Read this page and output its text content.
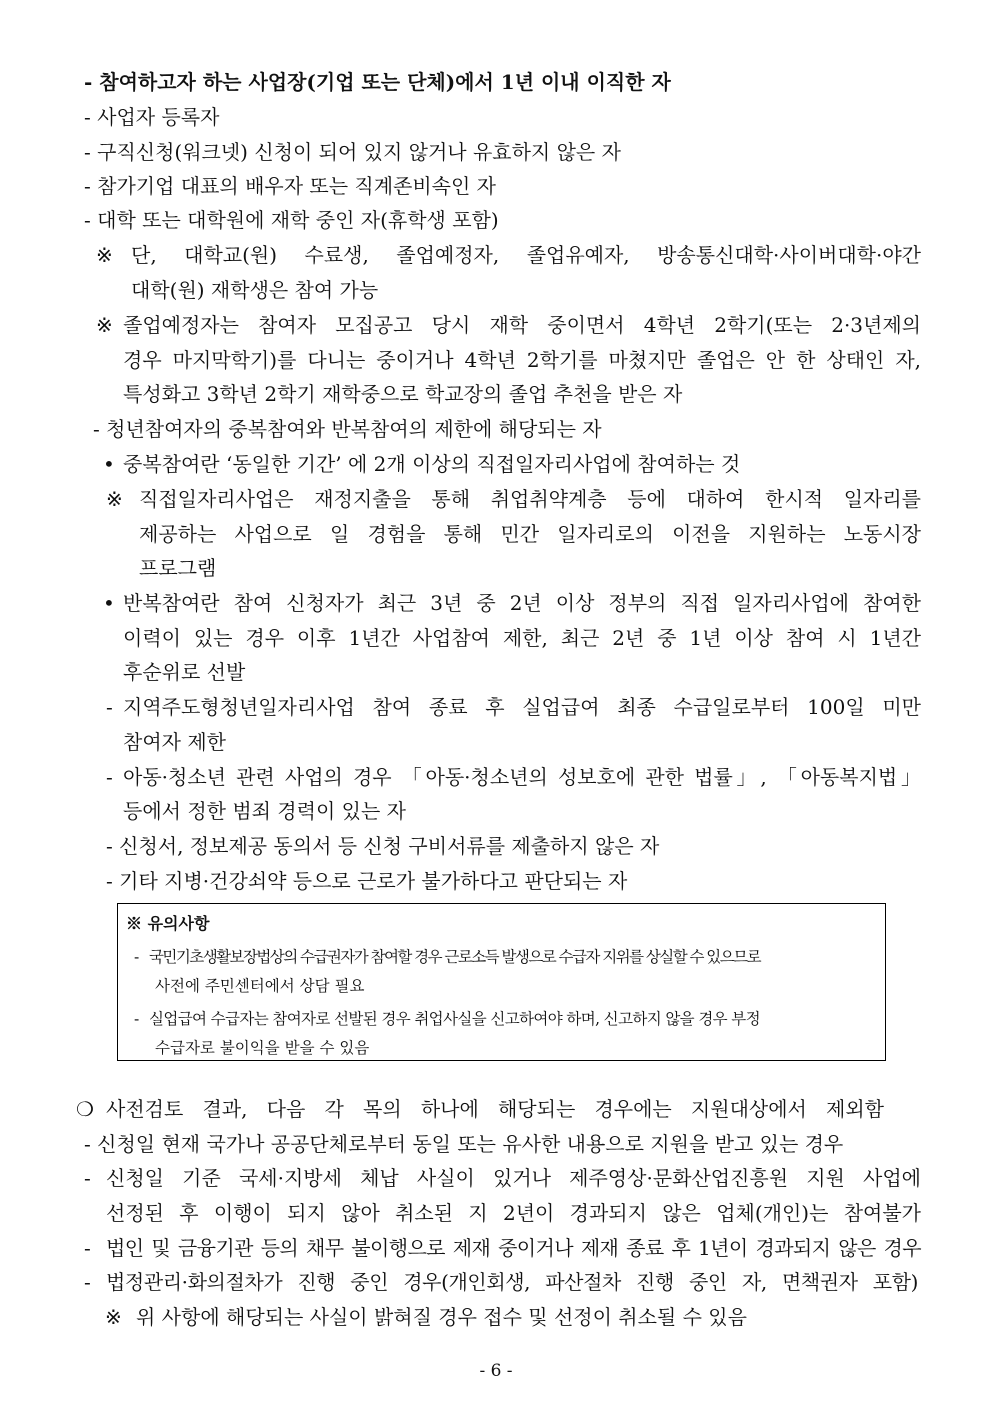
- 참여하고자 하는 사업장(기업 또는 단체)에서 1년 이내 이직한 자
- 사업자 등록자
- 구직신청(워크넷) 신청이 되어 있지 않거나 유효하지 않은 자
- 참가기업 대표의 배우자 또는 직계존비속인 자
- 대학 또는 대학원에 재학 중인 자(휴학생 포함)
※ 단, 대학교(원) 수료생, 졸업예정자, 졸업유예자, 방송통신대학·사이버대학·야간
대학(원) 재학생은 참여 가능
※ 졸업예정자는 참여자 모집공고 당시 재학 중이면서 4학년 2학기(또는 2·3년제의
경우 마지막학기)를 다니는 중이거나 4학년 2학기를 마쳤지만 졸업은 안 한 상태인 자,
특성화고 3학년 2학기 재학중으로 학교장의 졸업 추천을 받은 자
- 청년참여자의 중복참여와 반복참여의 제한에 해당되는 자
• 중복참여란 ‘동일한 기간’ 에 2개 이상의 직접일자리사업에 참여하는 것
※ 직접일자리사업은 재정지출을 통해 취업취약계층 등에 대하여 한시적 일자리를
제공하는 사업으로 일 경험을 통해 민간 일자리로의 이전을 지원하는 노동시장
프로그램
• 반복참여란 참여 신청자가 최근 3년 중 2년 이상 정부의 직접 일자리사업에 참여한
이력이 있는 경우 이후 1년간 사업참여 제한, 최근 2년 중 1년 이상 참여 시 1년간
후순위로 선발
- 지역주도형청년일자리사업 참여 종료 후 실업급여 최종 수급일로부터 100일 미만
참여자 제한
- 아동·청소년 관련 사업의 경우 「아동·청소년의 성보호에 관한 법률」, 「아동복지법」
등에서 정한 범죄 경력이 있는 자
- 신청서, 정보제공 동의서 등 신청 구비서류를 제출하지 않은 자
- 기타 지병·건강쇠약 등으로 근로가 불가하다고 판단되는 자
※ 유의사항
- 국민기초생활보장법상의 수급권자가 참여할 경우 근로소득 발생으로 수급자 지위를 상실할 수 있으므로
사전에 주민센터에서 상담 필요
- 실업급여 수급자는 참여자로 선발된 경우 취업사실을 신고하여야 하며, 신고하지 않을 경우 부정
수급자로 불이익을 받을 수 있음
❍ 사전검토 결과, 다음 각 목의 하나에 해당되는 경우에는 지원대상에서 제외함
- 신청일 현재 국가나 공공단체로부터 동일 또는 유사한 내용으로 지원을 받고 있는 경우
- 신청일 기준 국세·지방세 체납 사실이 있거나 제주영상·문화산업진흥원 지원 사업에
선정된 후 이행이 되지 않아 취소된 지 2년이 경과되지 않은 업체(개인)는 참여불가
- 법인 및 금융기관 등의 채무 불이행으로 제재 중이거나 제재 종료 후 1년이 경과되지 않은 경우
- 법정관리·화의절차가 진행 중인 경우(개인회생, 파산절차 진행 중인 자, 면책권자 포함)
※ 위 사항에 해당되는 사실이 밝혀질 경우 접수 및 선정이 취소될 수 있음
- 6 -
